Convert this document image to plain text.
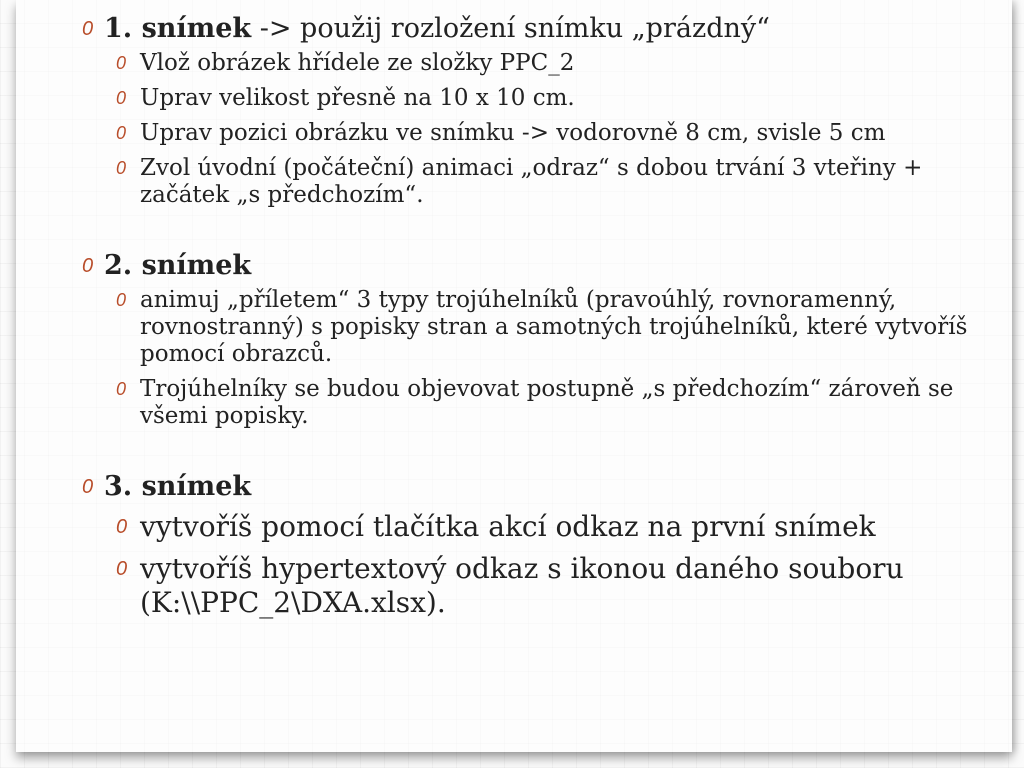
0 1. snímek -> použij rozložení snímku „prázdný“
0 Vlož obrázek hřídele ze složky PPC_2
0 Uprav velikost přesně na 10 x 10 cm.
0 Uprav pozici obrázku ve snímku -> vodorovně 8 cm, svisle 5 cm
0 Zvol úvodní (počáteční) animaci „odraz“ s dobou trvání 3 vteřiny + začátek „s předchozím“.
0 2. snímek
0 animuj „příletem“ 3 typy trojúhelníků (pravoúhlý, rovnoramenný, rovnostranný) s popisky stran a samotných trojúhelníků, které vytvoříš pomocí obrazců.
0 Trojúhelníky se budou objevovat postupně „s předchozím“ zároveň se všemi popisky.
0 3. snímek
0 vytvoříš pomocí tlačítka akcí odkaz na první snímek
0 vytvoříš hypertextový odkaz s ikonou daného souboru (K:\\PPC_2\DXA.xlsx).
